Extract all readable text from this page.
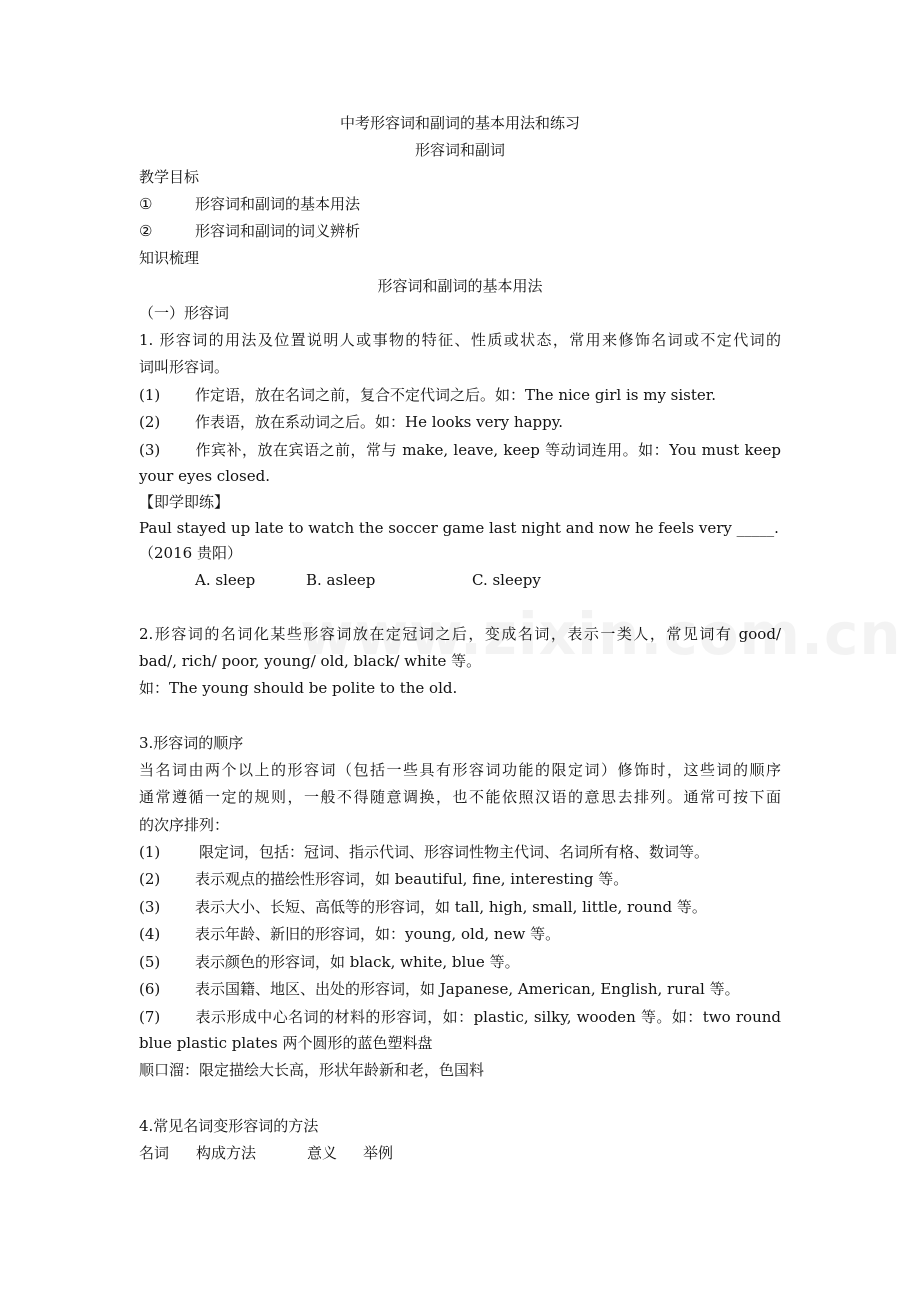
中考形容词和副词的基本用法和练习
形容词和副词
教学目标
①	形容词和副词的基本用法
②	形容词和副词的词义辨析
知识梳理
形容词和副词的基本用法
（一）形容词
1. 形容词的用法及位置说明人或事物的特征、性质或状态，常用来修饰名词或不定代词的
词叫形容词。
(1) 作定语，放在名词之前，复合不定代词之后。如：The nice girl is my sister.
(2) 作表语，放在系动词之后。如：He looks very happy.
(3) 作宾补，放在宾语之前，常与 make, leave, keep 等动词连用。如：You must keep
your eyes closed.
【即学即练】
Paul stayed up late to watch the soccer game last night and now he feels very _____.
（2016 贵阳）
A. sleep	B. asleep	C. sleepy
2.形容词的名词化某些形容词放在定冠词之后，变成名词，表示一类人，常见词有 good/
bad/, rich/ poor, young/ old, black/ white 等。
如：The young should be polite to the old.
3.形容词的顺序
当名词由两个以上的形容词（包括一些具有形容词功能的限定词）修饰时，这些词的顺序
通常遵循一定的规则，一般不得随意调换，也不能依照汉语的意思去排列。通常可按下面
的次序排列：
(1)	限定词，包括：冠词、指示代词、形容词性物主代词、名词所有格、数词等。
(2) 表示观点的描绘性形容词，如 beautiful, fine, interesting 等。
(3) 表示大小、长短、高低等的形容词，如 tall, high, small, little, round 等。
(4) 表示年龄、新旧的形容词，如：young, old, new 等。
(5) 表示颜色的形容词，如 black, white, blue 等。
(6) 表示国籍、地区、出处的形容词，如 Japanese, American, English, rural 等。
(7) 表示形成中心名词的材料的形容词，如：plastic, silky, wooden 等。如：two round
blue plastic plates 两个圆形的蓝色塑料盘
顺口溜：限定描绘大长高，形状年龄新和老，色国料
4.常见名词变形容词的方法
名词 构成方法	意义 举例
